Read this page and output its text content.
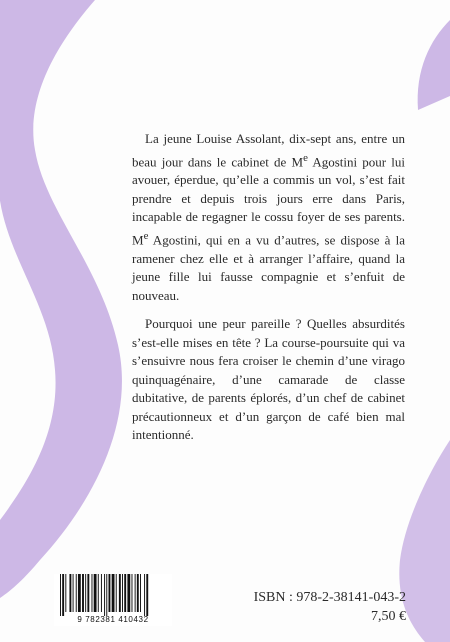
La jeune Louise Assolant, dix-sept ans, entre un beau jour dans le cabinet de Me Agostini pour lui avouer, éperdue, qu’elle a commis un vol, s’est fait prendre et depuis trois jours erre dans Paris, incapable de regagner le cossu foyer de ses parents. Me Agostini, qui en a vu d’autres, se dispose à la ramener chez elle et à arranger l’affaire, quand la jeune fille lui fausse compagnie et s’enfuit de nouveau.

Pourquoi une peur pareille ? Quelles absurdités s’est-elle mises en tête ? La course-poursuite qui va s’ensuivre nous fera croiser le chemin d’une virago quinquagénaire, d’une camarade de classe dubitative, de parents éplorés, d’un chef de cabinet précautionneux et d’un garçon de café bien mal intentionné.

9 782381 410432
ISBN : 978-2-38141-043-2
7,50 €
